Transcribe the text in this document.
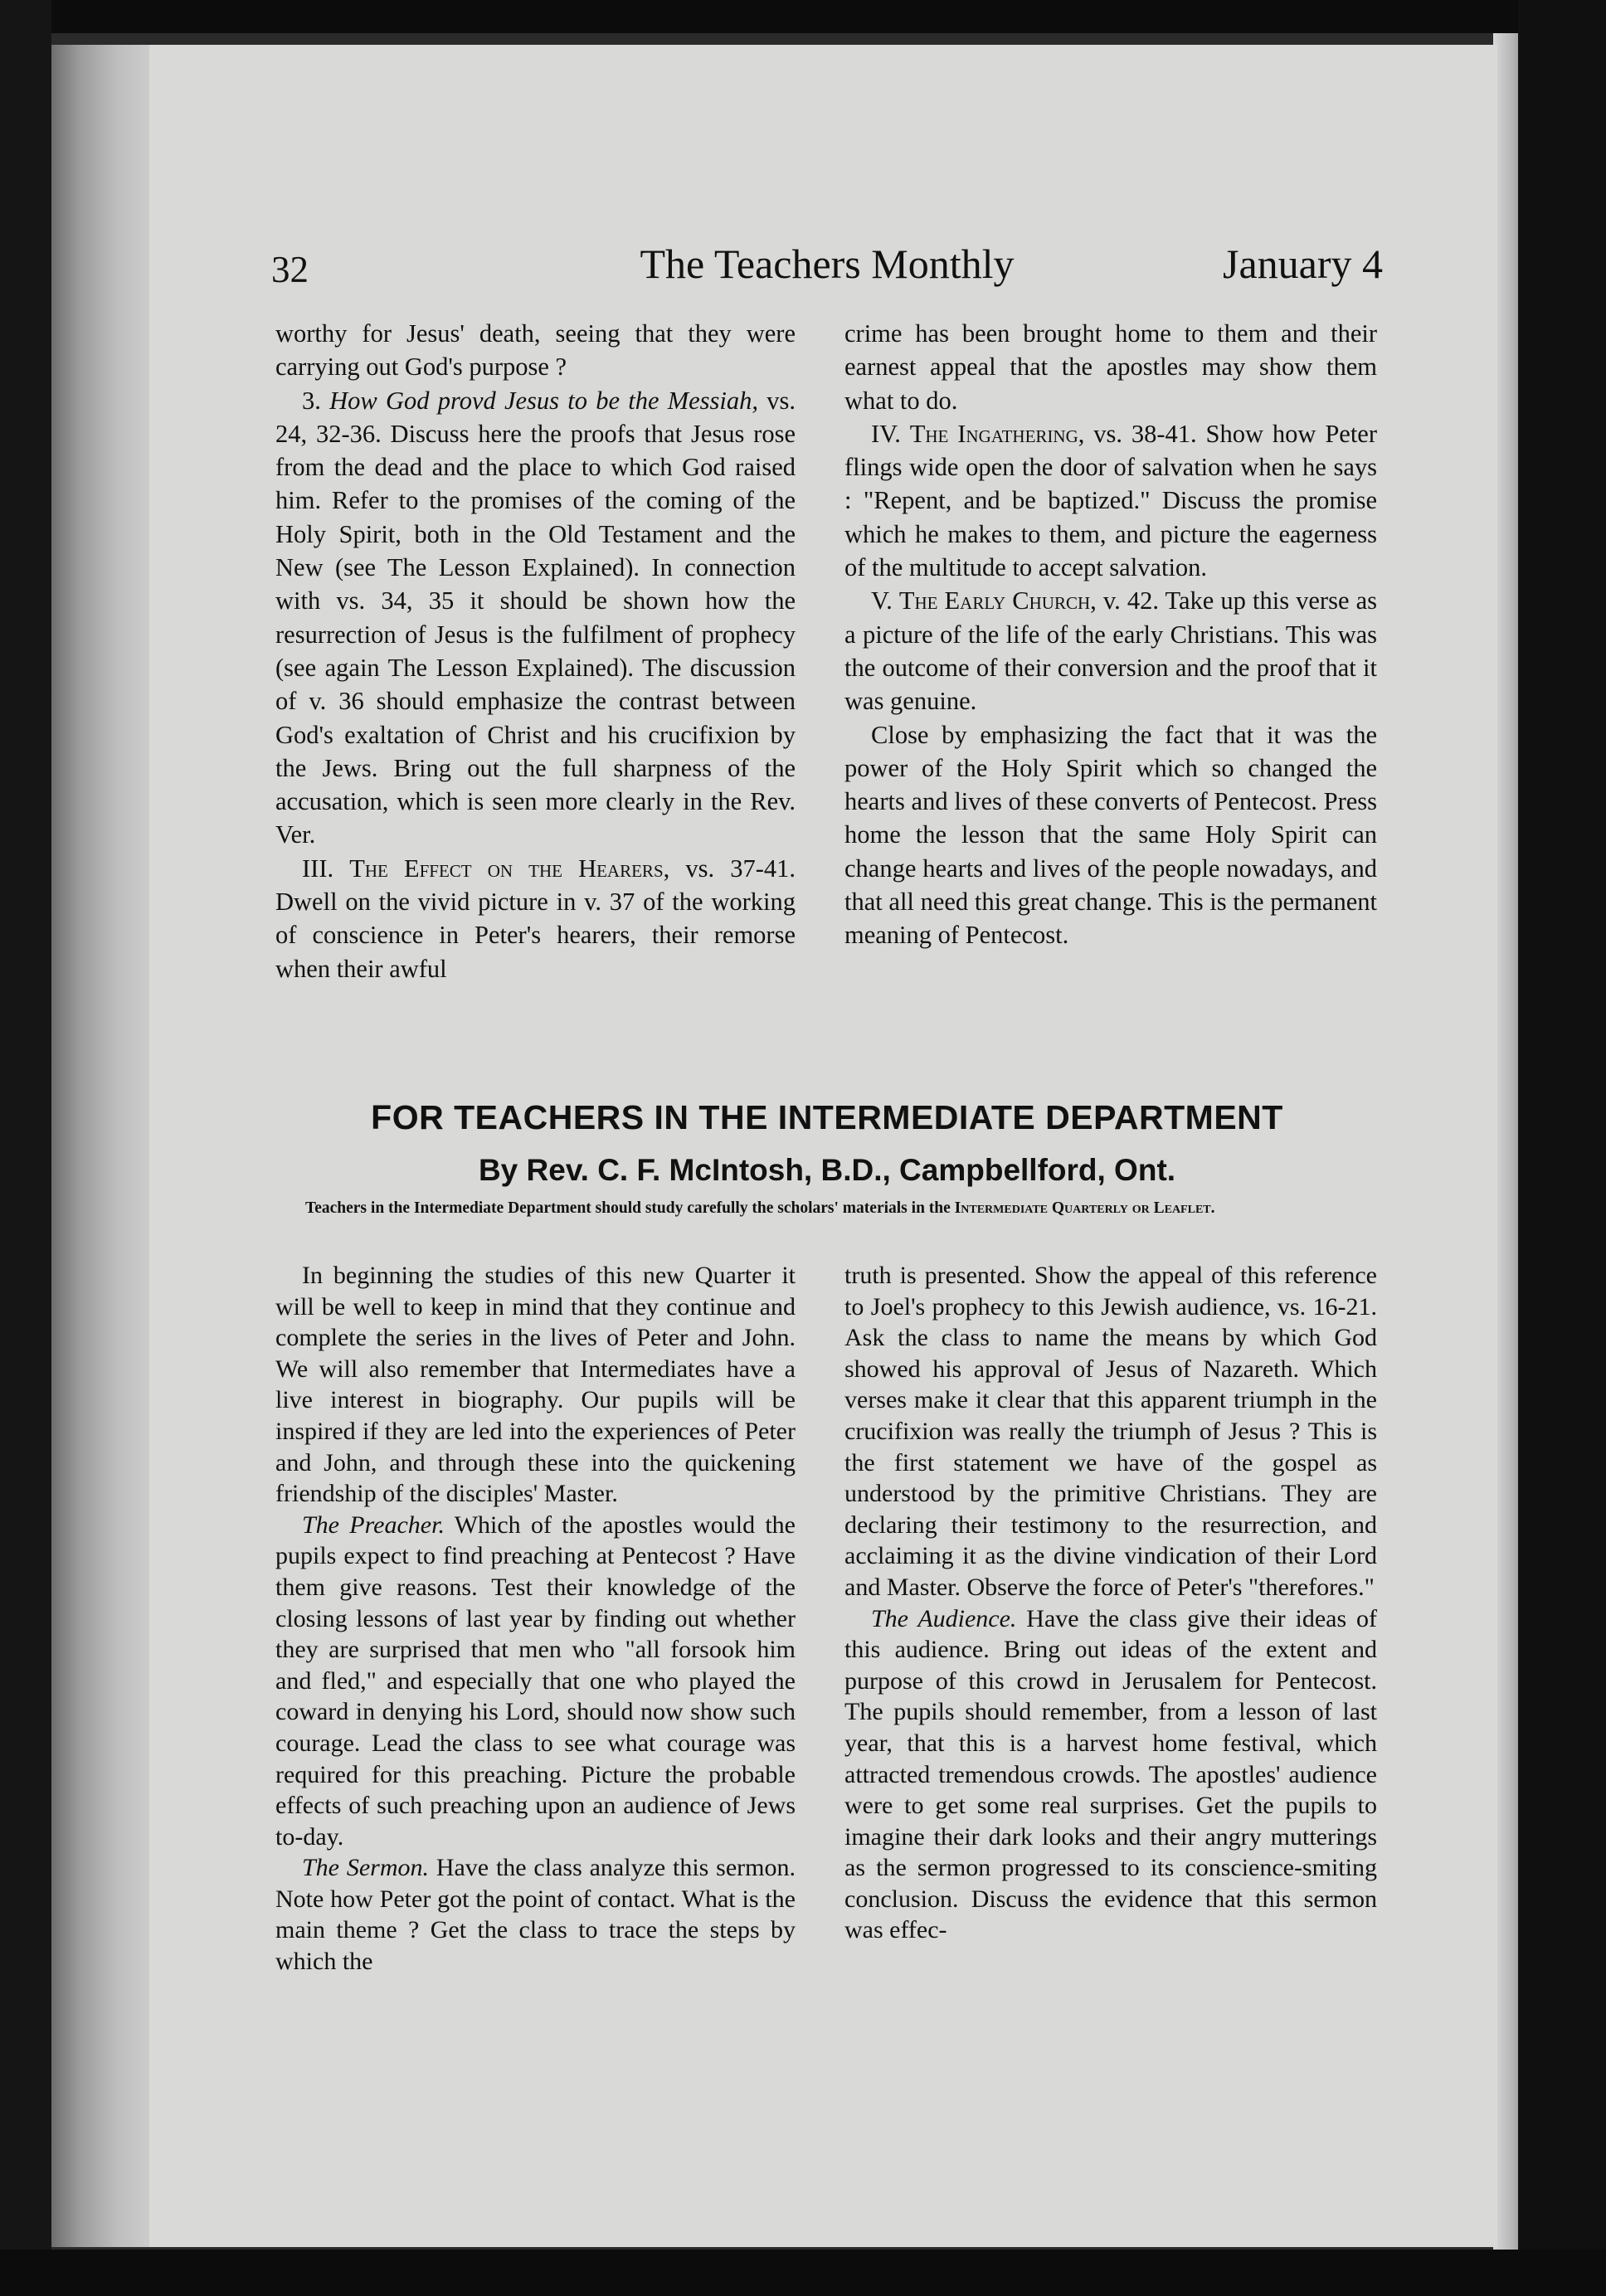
32	The Teachers Monthly	January 4

worthy for Jesus' death, seeing that they were carrying out God's purpose ?

3. How God provd Jesus to be the Messiah, vs. 24, 32-36. Discuss here the proofs that Jesus rose from the dead and the place to which God raised him. Refer to the promises of the coming of the Holy Spirit, both in the Old Testament and the New (see The Lesson Explained). In connection with vs. 34, 35 it should be shown how the resurrection of Jesus is the fulfilment of prophecy (see again The Lesson Explained). The discussion of v. 36 should emphasize the contrast between God's exaltation of Christ and his crucifixion by the Jews. Bring out the full sharpness of the accusation, which is seen more clearly in the Rev. Ver.

III. The Effect on the Hearers, vs. 37-41. Dwell on the vivid picture in v. 37 of the working of conscience in Peter's hearers, their remorse when their awful

crime has been brought home to them and their earnest appeal that the apostles may show them what to do.

IV. The Ingathering, vs. 38-41. Show how Peter flings wide open the door of salvation when he says : "Repent, and be baptized." Discuss the promise which he makes to them, and picture the eagerness of the multitude to accept salvation.

V. The Early Church, v. 42. Take up this verse as a picture of the life of the early Christians. This was the outcome of their conversion and the proof that it was genuine.

Close by emphasizing the fact that it was the power of the Holy Spirit which so changed the hearts and lives of these converts of Pentecost. Press home the lesson that the same Holy Spirit can change hearts and lives of the people nowadays, and that all need this great change. This is the permanent meaning of Pentecost.

FOR TEACHERS IN THE INTERMEDIATE DEPARTMENT
By Rev. C. F. McIntosh, B.D., Campbellford, Ont.
Teachers in the Intermediate Department should study carefully the scholars' materials in the Intermediate Quarterly or Leaflet.

In beginning the studies of this new Quarter it will be well to keep in mind that they continue and complete the series in the lives of Peter and John. We will also remember that Intermediates have a live interest in biography. Our pupils will be inspired if they are led into the experiences of Peter and John, and through these into the quickening friendship of the disciples' Master.

The Preacher. Which of the apostles would the pupils expect to find preaching at Pentecost ? Have them give reasons. Test their knowledge of the closing lessons of last year by finding out whether they are surprised that men who "all forsook him and fled," and especially that one who played the coward in denying his Lord, should now show such courage. Lead the class to see what courage was required for this preaching. Picture the probable effects of such preaching upon an audience of Jews to-day.

The Sermon. Have the class analyze this sermon. Note how Peter got the point of contact. What is the main theme ? Get the class to trace the steps by which the

truth is presented. Show the appeal of this reference to Joel's prophecy to this Jewish audience, vs. 16-21. Ask the class to name the means by which God showed his approval of Jesus of Nazareth. Which verses make it clear that this apparent triumph in the crucifixion was really the triumph of Jesus ? This is the first statement we have of the gospel as understood by the primitive Christians. They are declaring their testimony to the resurrection, and acclaiming it as the divine vindication of their Lord and Master. Observe the force of Peter's "therefores."

The Audience. Have the class give their ideas of this audience. Bring out ideas of the extent and purpose of this crowd in Jerusalem for Pentecost. The pupils should remember, from a lesson of last year, that this is a harvest home festival, which attracted tremendous crowds. The apostles' audience were to get some real surprises. Get the pupils to imagine their dark looks and their angry mutterings as the sermon progressed to its conscience-smiting conclusion. Discuss the evidence that this sermon was effec-
